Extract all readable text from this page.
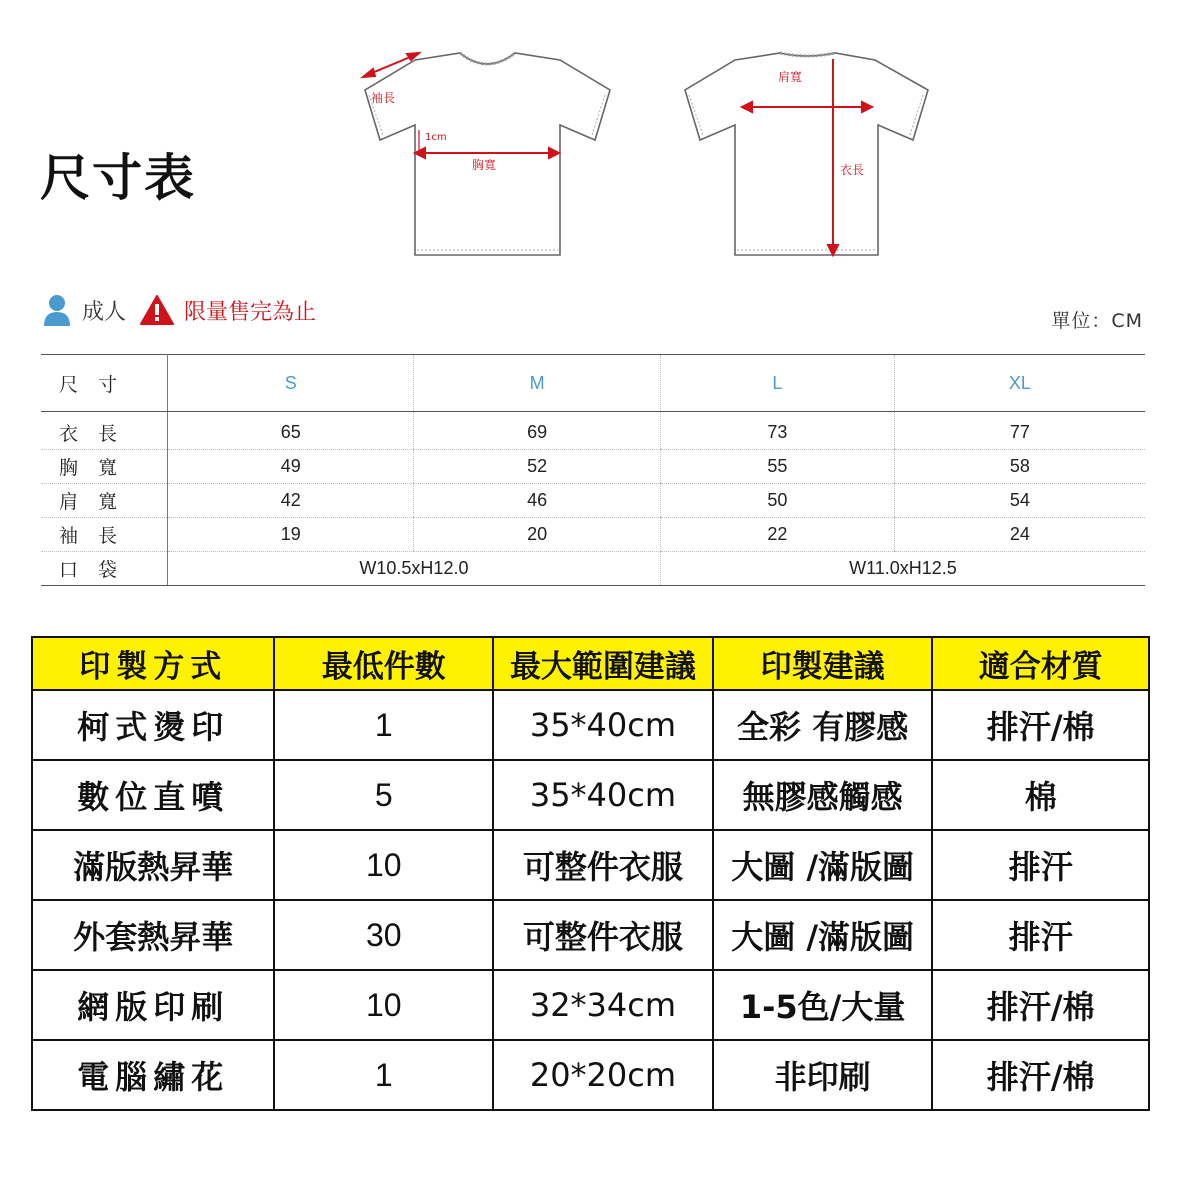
尺寸表
袖長
1cm
胸寬
肩寬
衣長
成人	限量售完為止	單位：CM
尺寸	S	M	L	XL
衣長	65	69	73	77
胸寬	49	52	55	58
肩寬	42	46	50	54
袖長	19	20	22	24
口袋	W10.5xH12.0		W11.0xH12.5	
印製方式	最低件數	最大範圍建議	印製建議	適合材質
柯式燙印	1	35*40cm	全彩 有膠感	排汗/棉
數位直噴	5	35*40cm	無膠感觸感	棉
滿版熱昇華	10	可整件衣服	大圖 /滿版圖	排汗
外套熱昇華	30	可整件衣服	大圖 /滿版圖	排汗
網版印刷	10	32*34cm	1-5色/大量	排汗/棉
電腦繡花	1	20*20cm	非印刷	排汗/棉
